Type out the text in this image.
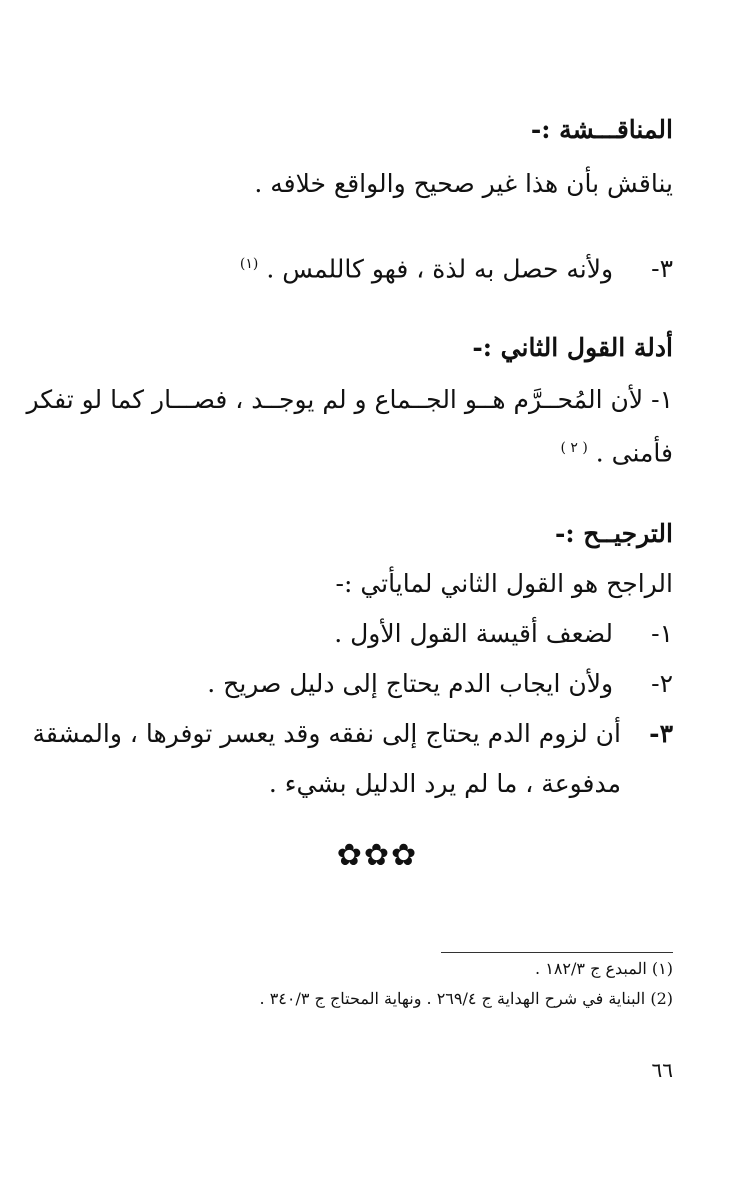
المناقـــشة :-
يناقش بأن هذا غير صحيح والواقع خلافه .
٣- ولأنه حصل به لذة ، فهو كاللمس . $^{(١)}$
أدلة القول الثاني :-
١- لأن المُحــرَّم هــو الجــماع و لم يوجــد ، فصـــار كما لو تفكر
فأمنى . $^{( ٢ )}$
الترجيــح :-
الراجح هو القول الثاني لمايأتي :-
١- لضعف أقيسة القول الأول .
٢- ولأن ايجاب الدم يحتاج إلى دليل صريح .
٣-أن لزوم الدم يحتاج إلى نفقه وقد يعسر توفرها ، والمشقة
مدفوعة ، ما لم يرد الدليل بشيء .
✿✿✿
(١) المبدع ج ١٨٢/٣ .
(2) البناية في شرح الهداية ج ٢٦٩/٤ . ونهاية المحتاج ج ٣٤٠/٣ .
٦٦
